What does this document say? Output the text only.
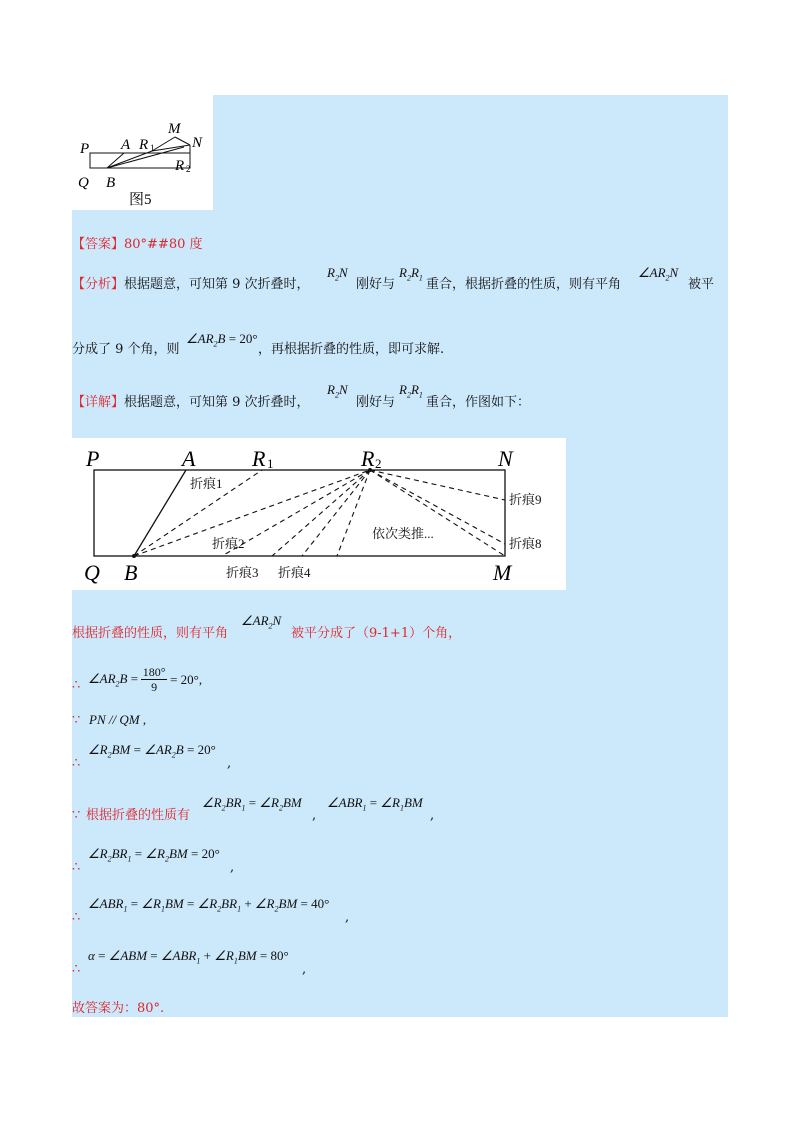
P
Q
A
B
R 1
M
N
R 2
图5
【答案】80°##80 度
【分析】 根据题意，可知第 9 次折叠时，
$R_2N$
刚好与
$R_2R_1$ 重合，根据折叠的性质，则有平角
$\angle AR_2N$
被平
分成了 9 个角，则
$\angle AR_2B = 20^\circ$
，再根据折叠的性质，即可求解.
【详解】 根据题意，可知第 9 次折叠时，
$R_2N$
刚好与
$R_2R_1$ 重合，作图如下：
P	A	R 1	R 2	N
Q B	M
折痕1
折痕2
折痕3 折痕4
折痕9
折痕8
依次类推...
根据折叠的性质，则有平角
$\angle AR_2N$
被平分成了（9-1+1）个角，
∴ $\angle AR_2B = \frac{180^\circ}{9} = 20^\circ$,
∵ PN // QM ,
$\angle R_2BM$ = $\angle AR_2B = 20^\circ$
∴	,
∵ 根据折叠的性质有
$\angle R_2BR_1$ = $\angle R_2BM$
,
$\angle ABR_1$ = $\angle R_1BM$
,
$\angle R_2BR_1$ = $\angle R_2BM = 20^\circ$
∴	,
$\angle ABR_1$ = $\angle R_1BM$ = $\angle R_2BR_1$ + $\angle R_2BM = 40^\circ$
∴	,
α = ∠ABM = $\angle ABR_1$ + $\angle R_1BM = 80^\circ$
∴	,
故答案为：80°.
